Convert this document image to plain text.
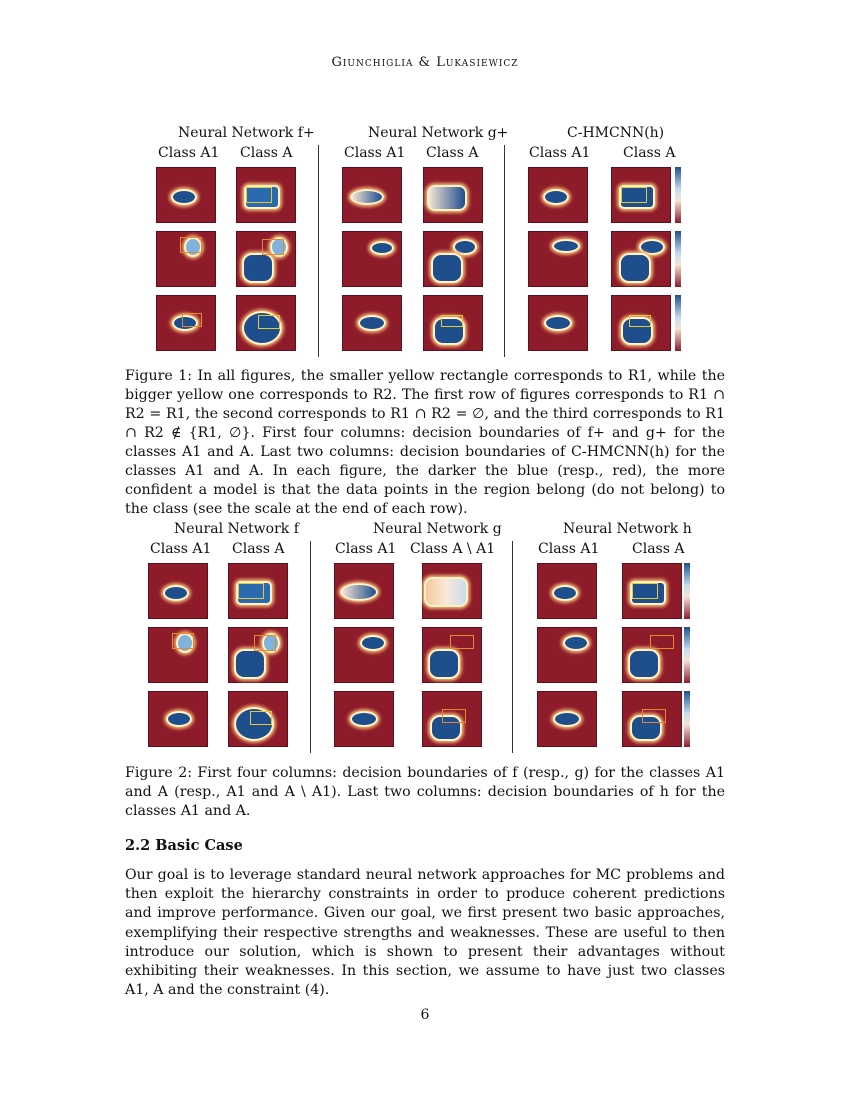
Giunchiglia & Lukasiewicz
Neural Network f+	Neural Network g+	C-HMCNN(h)
Class A1 Class A	Class A1 Class A	Class A1 Class A
Figure 1: In all figures, the smaller yellow rectangle corresponds to R1, while the bigger yellow one corresponds to R2. The first row of figures corresponds to R1 ∩ R2 = R1, the second corresponds to R1 ∩ R2 = ∅, and the third corresponds to R1 ∩ R2 ∉ {R1, ∅}. First four columns: decision boundaries of f+ and g+ for the classes A1 and A. Last two columns: decision boundaries of C-HMCNN(h) for the classes A1 and A. In each figure, the darker the blue (resp., red), the more confident a model is that the data points in the region belong (do not belong) to the class (see the scale at the end of each row).
Neural Network f	Neural Network g	Neural Network h
Class A1 Class A	Class A1 Class A \ A1	Class A1 Class A
Figure 2: First four columns: decision boundaries of f (resp., g) for the classes A1 and A (resp., A1 and A \ A1). Last two columns: decision boundaries of h for the classes A1 and A.
2.2 Basic Case
Our goal is to leverage standard neural network approaches for MC problems and then exploit the hierarchy constraints in order to produce coherent predictions and improve performance. Given our goal, we first present two basic approaches, exemplifying their respective strengths and weaknesses. These are useful to then introduce our solution, which is shown to present their advantages without exhibiting their weaknesses. In this section, we assume to have just two classes A1, A and the constraint (4).
6
